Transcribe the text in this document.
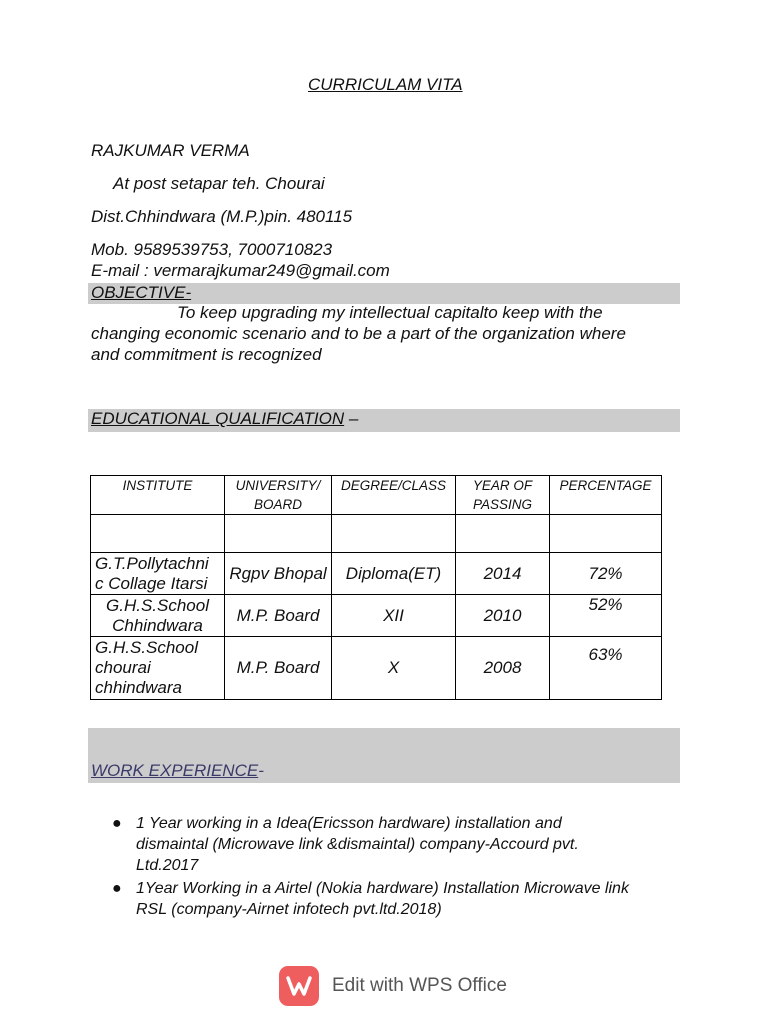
CURRICULAM VITA
RAJKUMAR VERMA
At post setapar teh. Chourai
Dist.Chhindwara (M.P.)pin. 480115
Mob. 9589539753, 7000710823
E-mail : vermarajkumar249@gmail.com
OBJECTIVE-
To keep upgrading my intellectual capitalto keep with the
changing economic scenario and to be a part of the organization where
and commitment is recognized
EDUCATIONAL QUALIFICATION –
INSTITUTE	UNIVERSITY/ BOARD	DEGREE/CLASS	YEAR OF PASSING	PERCENTAGE

G.T.Pollytachni c Collage Itarsi	Rgpv Bhopal	Diploma(ET)	2014	72%
G.H.S.School Chhindwara	M.P. Board	XII	2010	52%
G.H.S.School chourai chhindwara	M.P. Board	X	2008	63%
WORK EXPERIENCE-
● 1 Year working in a Idea(Ericsson hardware) installation and
dismaintal (Microwave link &dismaintal) company-Accourd pvt.
Ltd.2017
● 1Year Working in a Airtel (Nokia hardware) Installation Microwave link
RSL (company-Airnet infotech pvt.ltd.2018)
Edit with WPS Office
